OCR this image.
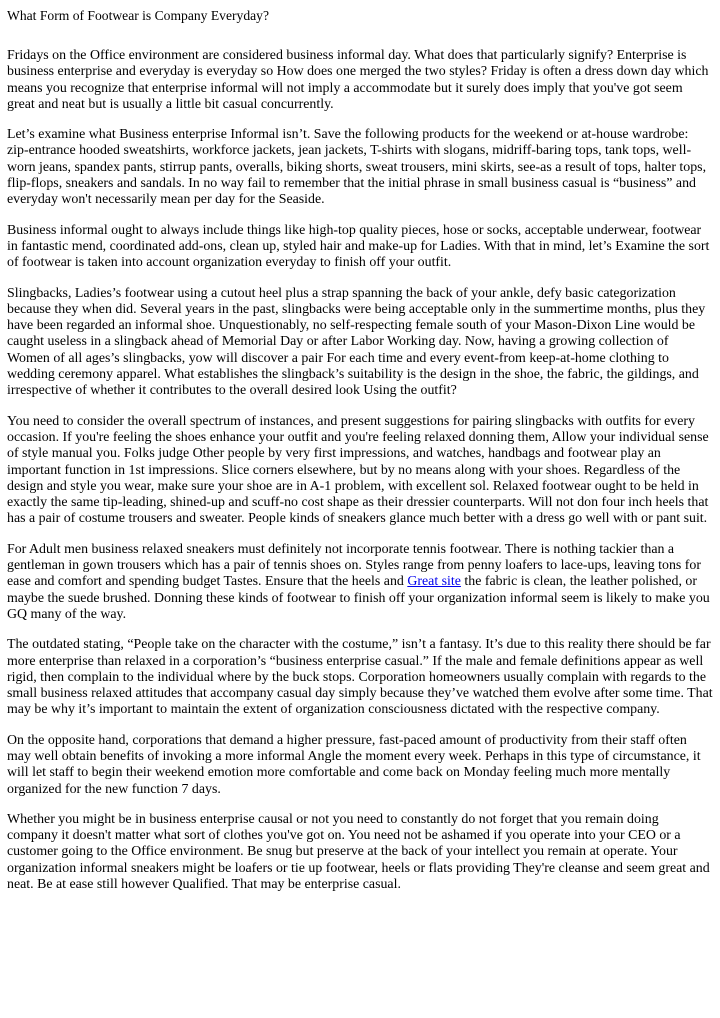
What Form of Footwear is Company Everyday?

Fridays on the Office environment are considered business informal day. What does that particularly signify? Enterprise is business enterprise and everyday is everyday so How does one merged the two styles? Friday is often a dress down day which means you recognize that enterprise informal will not imply a accommodate but it surely does imply that you've got seem great and neat but is usually a little bit casual concurrently.

Let’s examine what Business enterprise Informal isn’t. Save the following products for the weekend or at-house wardrobe: zip-entrance hooded sweatshirts, workforce jackets, jean jackets, T-shirts with slogans, midriff-baring tops, tank tops, well-worn jeans, spandex pants, stirrup pants, overalls, biking shorts, sweat trousers, mini skirts, see-as a result of tops, halter tops, flip-flops, sneakers and sandals. In no way fail to remember that the initial phrase in small business casual is “business” and everyday won't necessarily mean per day for the Seaside.

Business informal ought to always include things like high-top quality pieces, hose or socks, acceptable underwear, footwear in fantastic mend, coordinated add-ons, clean up, styled hair and make-up for Ladies. With that in mind, let’s Examine the sort of footwear is taken into account organization everyday to finish off your outfit.

Slingbacks, Ladies’s footwear using a cutout heel plus a strap spanning the back of your ankle, defy basic categorization because they when did. Several years in the past, slingbacks were being acceptable only in the summertime months, plus they have been regarded an informal shoe. Unquestionably, no self-respecting female south of your Mason-Dixon Line would be caught useless in a slingback ahead of Memorial Day or after Labor Working day. Now, having a growing collection of Women of all ages’s slingbacks, yow will discover a pair For each time and every event-from keep-at-home clothing to wedding ceremony apparel. What establishes the slingback’s suitability is the design in the shoe, the fabric, the gildings, and irrespective of whether it contributes to the overall desired look Using the outfit?

You need to consider the overall spectrum of instances, and present suggestions for pairing slingbacks with outfits for every occasion. If you're feeling the shoes enhance your outfit and you're feeling relaxed donning them, Allow your individual sense of style manual you. Folks judge Other people by very first impressions, and watches, handbags and footwear play an important function in 1st impressions. Slice corners elsewhere, but by no means along with your shoes. Regardless of the design and style you wear, make sure your shoe are in A-1 problem, with excellent sol. Relaxed footwear ought to be held in exactly the same tip-leading, shined-up and scuff-no cost shape as their dressier counterparts. Will not don four inch heels that has a pair of costume trousers and sweater. People kinds of sneakers glance much better with a dress go well with or pant suit.

For Adult men business relaxed sneakers must definitely not incorporate tennis footwear. There is nothing tackier than a gentleman in gown trousers which has a pair of tennis shoes on. Styles range from penny loafers to lace-ups, leaving tons for ease and comfort and spending budget Tastes. Ensure that the heels and Great site the fabric is clean, the leather polished, or maybe the suede brushed. Donning these kinds of footwear to finish off your organization informal seem is likely to make you GQ many of the way.

The outdated stating, “People take on the character with the costume,” isn’t a fantasy. It’s due to this reality there should be far more enterprise than relaxed in a corporation’s “business enterprise casual.” If the male and female definitions appear as well rigid, then complain to the individual where by the buck stops. Corporation homeowners usually complain with regards to the small business relaxed attitudes that accompany casual day simply because they’ve watched them evolve after some time. That may be why it’s important to maintain the extent of organization consciousness dictated with the respective company.

On the opposite hand, corporations that demand a higher pressure, fast-paced amount of productivity from their staff often may well obtain benefits of invoking a more informal Angle the moment every week. Perhaps in this type of circumstance, it will let staff to begin their weekend emotion more comfortable and come back on Monday feeling much more mentally organized for the new function 7 days.

Whether you might be in business enterprise causal or not you need to constantly do not forget that you remain doing company it doesn't matter what sort of clothes you've got on. You need not be ashamed if you operate into your CEO or a customer going to the Office environment. Be snug but preserve at the back of your intellect you remain at operate. Your organization informal sneakers might be loafers or tie up footwear, heels or flats providing They're cleanse and seem great and neat. Be at ease still however Qualified. That may be enterprise casual.
